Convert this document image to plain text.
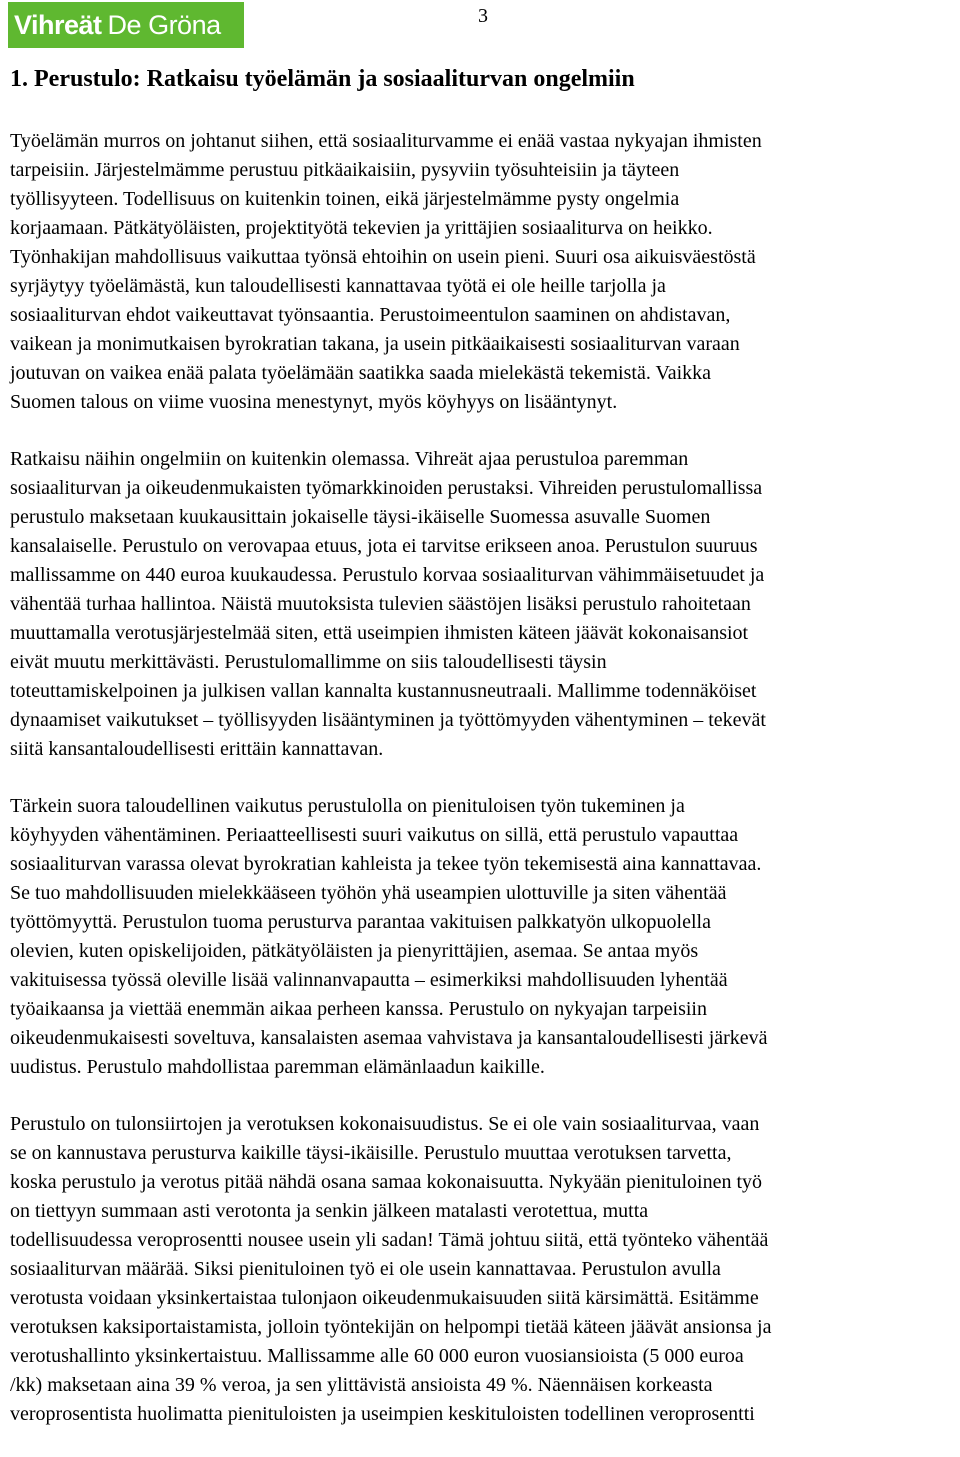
Vihreät De Gröna	3
1. Perustulo: Ratkaisu työelämän ja sosiaaliturvan ongelmiin

Työelämän murros on johtanut siihen, että sosiaaliturvamme ei enää vastaa nykyajan ihmisten
tarpeisiin. Järjestelmämme perustuu pitkäaikaisiin, pysyviin työsuhteisiin ja täyteen
työllisyyteen. Todellisuus on kuitenkin toinen, eikä järjestelmämme pysty ongelmia
korjaamaan. Pätkätyöläisten, projektityötä tekevien ja yrittäjien sosiaaliturva on heikko.
Työnhakijan mahdollisuus vaikuttaa työnsä ehtoihin on usein pieni. Suuri osa aikuisväestöstä
syrjäytyy työelämästä, kun taloudellisesti kannattavaa työtä ei ole heille tarjolla ja
sosiaaliturvan ehdot vaikeuttavat työnsaantia. Perustoimeentulon saaminen on ahdistavan,
vaikean ja monimutkaisen byrokratian takana, ja usein pitkäaikaisesti sosiaaliturvan varaan
joutuvan on vaikea enää palata työelämään saatikka saada mielekästä tekemistä. Vaikka
Suomen talous on viime vuosina menestynyt, myös köyhyys on lisääntynyt.

Ratkaisu näihin ongelmiin on kuitenkin olemassa. Vihreät ajaa perustuloa paremman
sosiaaliturvan ja oikeudenmukaisten työmarkkinoiden perustaksi. Vihreiden perustulomallissa
perustulo maksetaan kuukausittain jokaiselle täysi-ikäiselle Suomessa asuvalle Suomen
kansalaiselle. Perustulo on verovapaa etuus, jota ei tarvitse erikseen anoa. Perustulon suuruus
mallissamme on 440 euroa kuukaudessa. Perustulo korvaa sosiaaliturvan vähimmäisetuudet ja
vähentää turhaa hallintoa. Näistä muutoksista tulevien säästöjen lisäksi perustulo rahoitetaan
muuttamalla verotusjärjestelmää siten, että useimpien ihmisten käteen jäävät kokonaisansiot
eivät muutu merkittävästi. Perustulomallimme on siis taloudellisesti täysin
toteuttamiskelpoinen ja julkisen vallan kannalta kustannusneutraali. Mallimme todennäköiset
dynaamiset vaikutukset – työllisyyden lisääntyminen ja työttömyyden vähentyminen – tekevät
siitä kansantaloudellisesti erittäin kannattavan.

Tärkein suora taloudellinen vaikutus perustulolla on pienituloisen työn tukeminen ja
köyhyyden vähentäminen. Periaatteellisesti suuri vaikutus on sillä, että perustulo vapauttaa
sosiaaliturvan varassa olevat byrokratian kahleista ja tekee työn tekemisestä aina kannattavaa.
Se tuo mahdollisuuden mielekkääseen työhön yhä useampien ulottuville ja siten vähentää
työttömyyttä. Perustulon tuoma perusturva parantaa vakituisen palkkatyön ulkopuolella
olevien, kuten opiskelijoiden, pätkätyöläisten ja pienyrittäjien, asemaa. Se antaa myös
vakituisessa työssä oleville lisää valinnanvapautta – esimerkiksi mahdollisuuden lyhentää
työaikaansa ja viettää enemmän aikaa perheen kanssa. Perustulo on nykyajan tarpeisiin
oikeudenmukaisesti soveltuva, kansalaisten asemaa vahvistava ja kansantaloudellisesti järkevä
uudistus. Perustulo mahdollistaa paremman elämänlaadun kaikille.

Perustulo on tulonsiirtojen ja verotuksen kokonaisuudistus. Se ei ole vain sosiaaliturvaa, vaan
se on kannustava perusturva kaikille täysi-ikäisille. Perustulo muuttaa verotuksen tarvetta,
koska perustulo ja verotus pitää nähdä osana samaa kokonaisuutta. Nykyään pienituloinen työ
on tiettyyn summaan asti verotonta ja senkin jälkeen matalasti verotettua, mutta
todellisuudessa veroprosentti nousee usein yli sadan! Tämä johtuu siitä, että työnteko vähentää
sosiaaliturvan määrää. Siksi pienituloinen työ ei ole usein kannattavaa. Perustulon avulla
verotusta voidaan yksinkertaistaa tulonjaon oikeudenmukaisuuden siitä kärsimättä. Esitämme
verotuksen kaksiportaistamista, jolloin työntekijän on helpompi tietää käteen jäävät ansionsa ja
verotushallinto yksinkertaistuu. Mallissamme alle 60 000 euron vuosiansioista (5 000 euroa
/kk) maksetaan aina 39 % veroa, ja sen ylittävistä ansioista 49 %. Näennäisen korkeasta
veroprosentista huolimatta pienituloisten ja useimpien keskituloisten todellinen veroprosentti
